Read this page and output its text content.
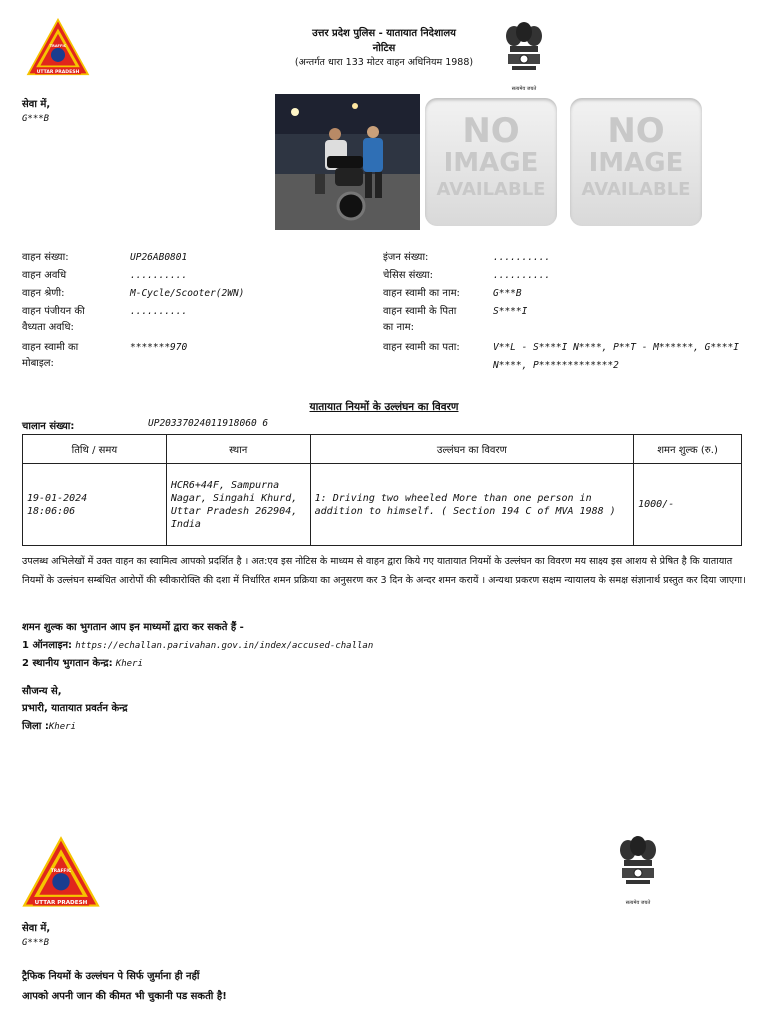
UTTAR PRADESH
TRAFFIC
उत्तर प्रदेश पुलिस - यातायात निदेशालय
नोटिस
(अन्तर्गत धारा 133 मोटर वाहन अधिनियम 1988)
सत्यमेव जयते
सेवा में,
G***B	NO
IMAGE
AVAILABLE
NO
IMAGE
AVAILABLE
वाहन संख्या:	UP26AB0801
वाहन अवधि	..........
वाहन श्रेणी:	M-Cycle/Scooter(2WN)
वाहन पंजीयन की
वैध्यता अवधि:
..........
वाहन स्वामी का
मोबाइल:
*******970
इंजन संख्या:	..........
चेसिस संख्या:	..........
वाहन स्वामी का नाम:	G***B
वाहन स्वामी के पिता
का नाम:
S****I
वाहन स्वामी का पता:	V**L - S****I N****, P**T - M******, G****I
N****, P*************2
यातायात नियमों के उल्लंघन का विवरण
चालान संख्या:	UP20337024011918060 6
तिथि / समय	स्थान	उल्लंघन का विवरण	शमन शुल्क (रु.)

19-01-2024
18:06:06	HCR6+44F, Sampurna Nagar, Singahi Khurd, Uttar Pradesh 262904, India	1: Driving two wheeled More than one person in addition to himself. ( Section 194 C of MVA 1988 )	1000/-
उपलब्ध अभिलेखों में उक्त वाहन का स्वामित्व आपको प्रदर्शित है । अत:एव इस नोटिस के माध्यम से वाहन द्वारा किये गए यातायात नियमों के उल्लंघन का विवरण मय साक्ष्य इस आशय से प्रेषित है कि यातायात नियमों के उल्लंघन सम्बंधित आरोपों की स्वीकारोक्ति की दशा में निर्धारित शमन प्रक्रिया का अनुसरण कर 3 दिन के अन्दर शमन करायें । अन्यथा प्रकरण सक्षम न्यायालय के समक्ष संज्ञानार्थ प्रस्तुत कर दिया जाएगा।
शमन शुल्क का भुगतान आप इन माध्यमों द्वारा कर सकते हैं -
1 ऑनलाइन: https://echallan.parivahan.gov.in/index/accused-challan
2 स्थानीय भुगतान केन्द्र: Kheri
सौजन्य से,
प्रभारी, यातायात प्रवर्तन केन्द्र
जिला :Kheri
UTTAR PRADESH
TRAFFIC
सत्यमेव जयते
सेवा में,
G***B
ट्रैफिक नियमों के उल्लंघन पे सिर्फ जुर्माना ही नहीं
आपको अपनी जान की कीमत भी चुकानी पड सकती है!
